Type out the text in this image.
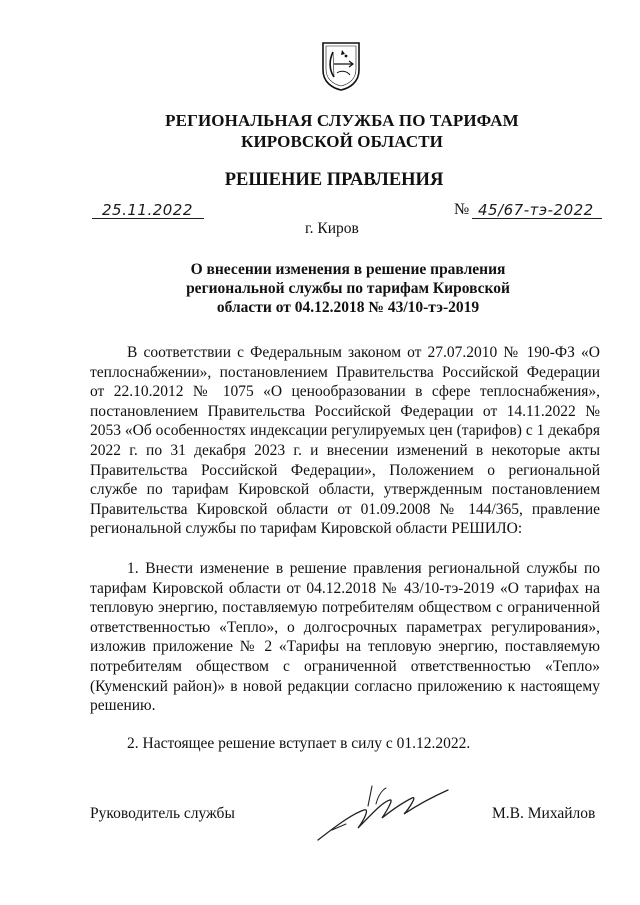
РЕГИОНАЛЬНАЯ СЛУЖБА ПО ТАРИФАМ
КИРОВСКОЙ ОБЛАСТИ
РЕШЕНИЕ ПРАВЛЕНИЯ
25.11.2022	№ 45/67-тэ-2022
г. Киров
О внесении изменения в решение правления
региональной службы по тарифам Кировской
области от 04.12.2018 № 43/10-тэ-2019

В соответствии с Федеральным законом от 27.07.2010 № 190-ФЗ «О теплоснабжении», постановлением Правительства Российской Федерации от 22.10.2012 № 1075 «О ценообразовании в сфере теплоснабжения», постановлением Правительства Российской Федерации от 14.11.2022 № 2053 «Об особенностях индексации регулируемых цен (тарифов) с 1 декабря 2022 г. по 31 декабря 2023 г. и внесении изменений в некоторые акты Правительства Российской Федерации», Положением о региональной службе по тарифам Кировской области, утвержденным постановлением Правительства Кировской области от 01.09.2008 № 144/365, правление региональной службы по тарифам Кировской области РЕШИЛО:

1. Внести изменение в решение правления региональной службы по тарифам Кировской области от 04.12.2018 № 43/10-тэ-2019 «О тарифах на тепловую энергию, поставляемую потребителям обществом с ограниченной ответственностью «Тепло», о долгосрочных параметрах регулирования», изложив приложение № 2 «Тарифы на тепловую энергию, поставляемую потребителям обществом с ограниченной ответственностью «Тепло» (Куменский район)» в новой редакции согласно приложению к настоящему решению.

2. Настоящее решение вступает в силу с 01.12.2022.

Руководитель службы	М.В. Михайлов
